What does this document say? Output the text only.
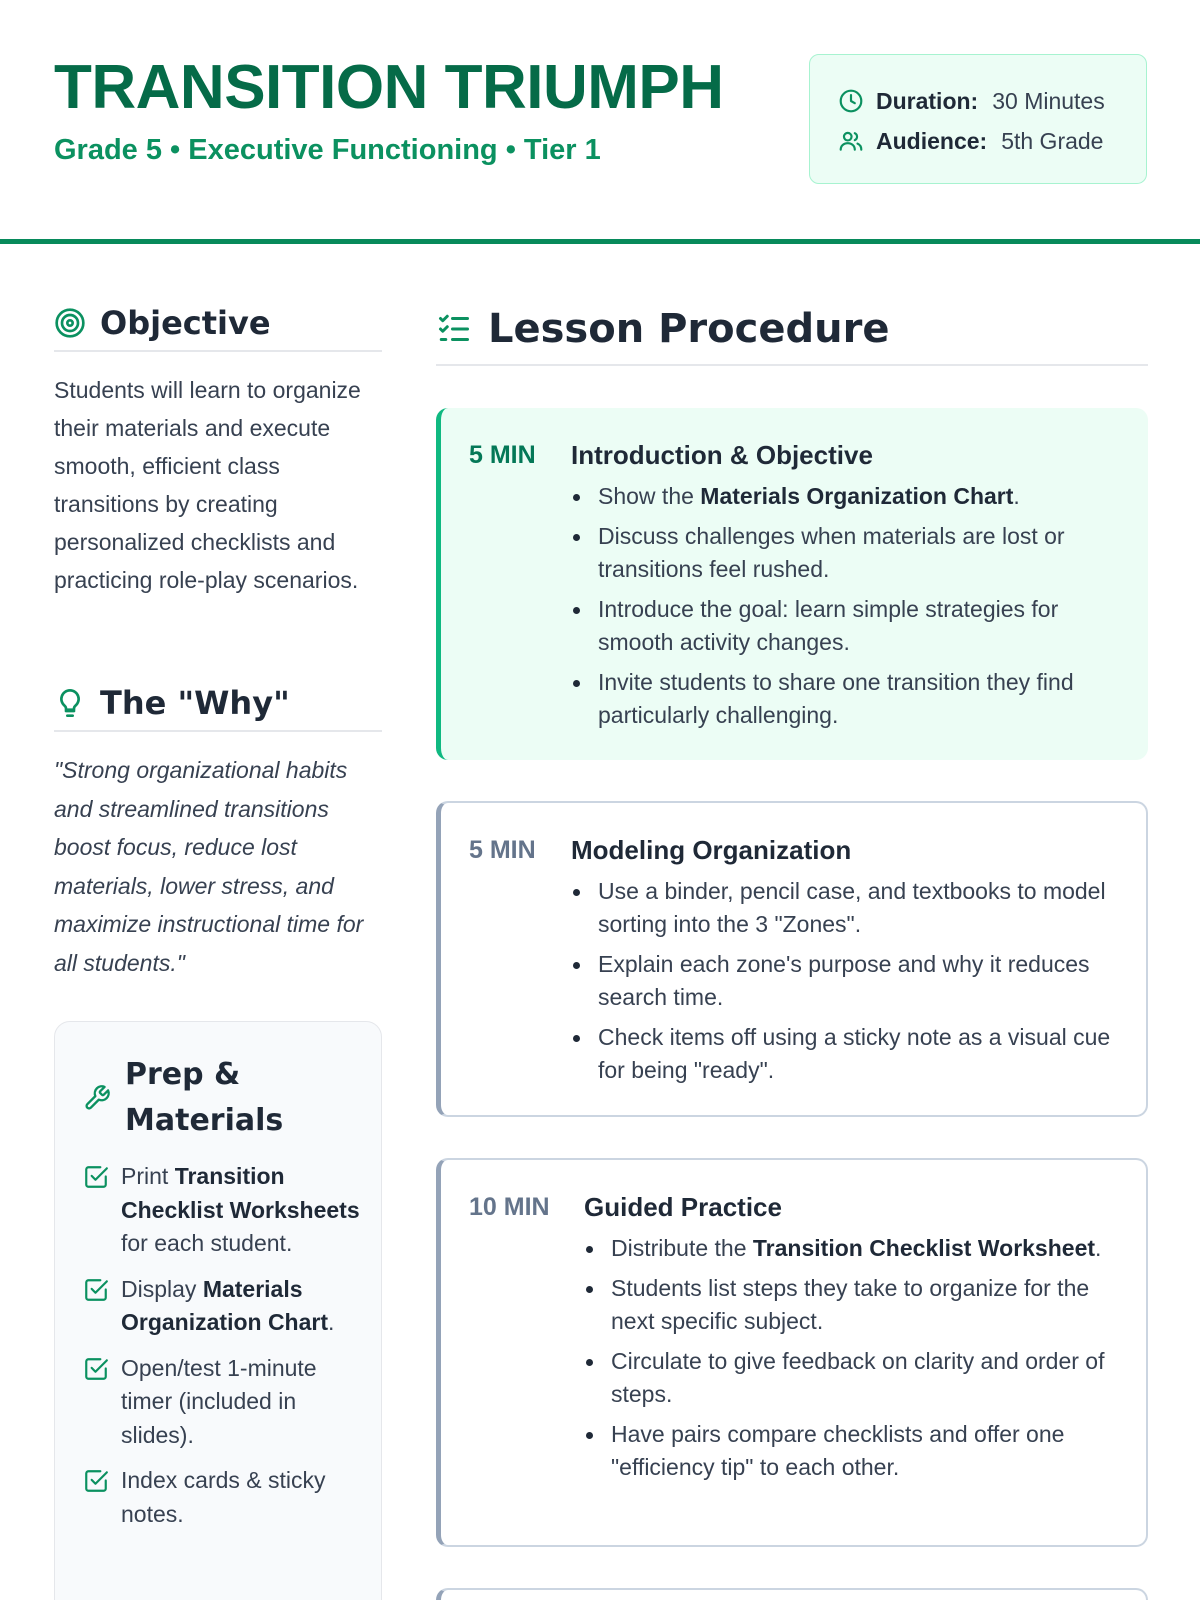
TRANSITION TRIUMPH
Grade 5 • Executive Functioning • Tier 1
Duration: 30 Minutes
Audience: 5th Grade
Objective

Students will learn to organize their materials and execute smooth, efficient class transitions by creating personalized checklists and practicing role-play scenarios.

The "Why"

"Strong organizational habits and streamlined transitions boost focus, reduce lost materials, lower stress, and maximize instructional time for all students."

Prep & Materials
Print Transition Checklist Worksheets for each student.
Display Materials Organization Chart.
Open/test 1-minute timer (included in slides).
Index cards & sticky notes.
Lesson Procedure
5 MIN Introduction & Objective
Show the Materials Organization Chart.
Discuss challenges when materials are lost or transitions feel rushed.
Introduce the goal: learn simple strategies for smooth activity changes.
Invite students to share one transition they find particularly challenging.
5 MIN Modeling Organization
Use a binder, pencil case, and textbooks to model sorting into the 3 "Zones".
Explain each zone's purpose and why it reduces search time.
Check items off using a sticky note as a visual cue for being "ready".
10 MIN Guided Practice
Distribute the Transition Checklist Worksheet.
Students list steps they take to organize for the next specific subject.
Circulate to give feedback on clarity and order of steps.
Have pairs compare checklists and offer one "efficiency tip" to each other.
